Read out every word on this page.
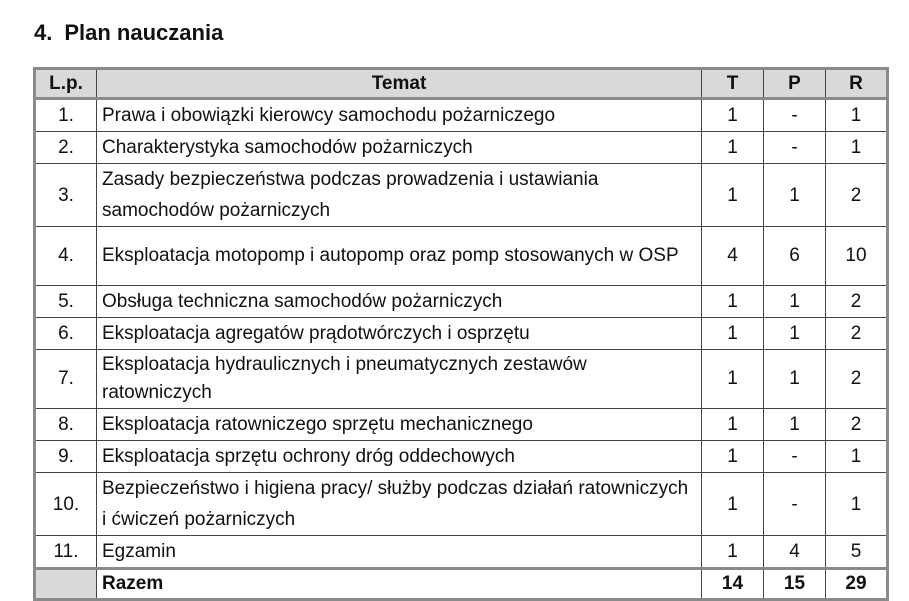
4. Plan nauczania
L.p.	Temat	T	P	R
1.	Prawa i obowiązki kierowcy samochodu pożarniczego	1	-	1
2.	Charakterystyka samochodów pożarniczych	1	-	1
3.	Zasady bezpieczeństwa podczas prowadzenia i ustawiania samochodów pożarniczych	1	1	2
4.	Eksploatacja motopomp i autopomp oraz pomp stosowanych w OSP	4	6	10
5.	Obsługa techniczna samochodów pożarniczych	1	1	2
6.	Eksploatacja agregatów prądotwórczych i osprzętu	1	1	2
7.	Eksploatacja hydraulicznych i pneumatycznych zestawów ratowniczych	1	1	2
8.	Eksploatacja ratowniczego sprzętu mechanicznego	1	1	2
9.	Eksploatacja sprzętu ochrony dróg oddechowych	1	-	1
10.	Bezpieczeństwo i higiena pracy/ służby podczas działań ratowniczych i ćwiczeń pożarniczych	1	-	1
11.	Egzamin	1	4	5
	Razem	14	15	29
